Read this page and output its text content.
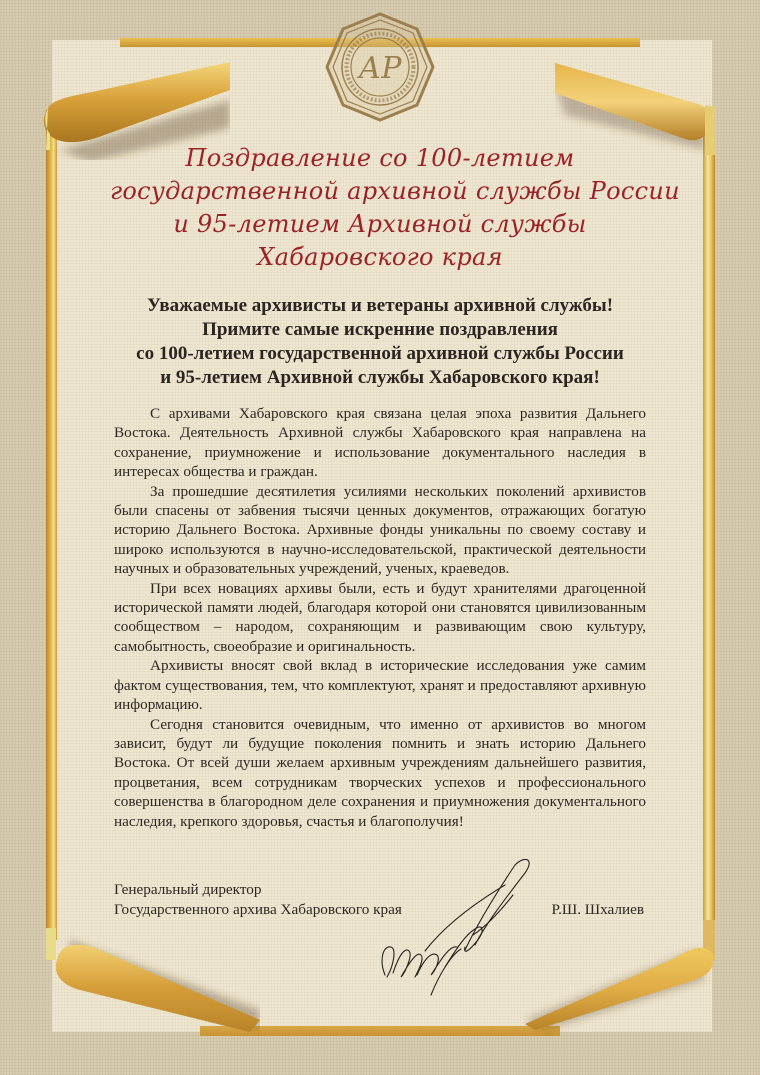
АР
Поздравление со 100-летием
государственной архивной службы России
и 95-летием Архивной службы
Хабаровского края
Уважаемые архивисты и ветераны архивной службы!
Примите самые искренние поздравления
со 100-летием государственной архивной службы России
и 95-летием Архивной службы Хабаровского края!

С архивами Хабаровского края связана целая эпоха развития Дальнего Востока. Деятельность Архивной службы Хабаровского края направлена на сохранение, приумножение и использование документального наследия в интересах общества и граждан.

За прошедшие десятилетия усилиями нескольких поколений архивистов были спасены от забвения тысячи ценных документов, отражающих богатую историю Дальнего Востока. Архивные фонды уникальны по своему составу и широко используются в научно-исследовательской, практической деятельности научных и образовательных учреждений, ученых, краеведов.

При всех новациях архивы были, есть и будут хранителями драгоценной исторической памяти людей, благодаря которой они становятся цивилизованным сообществом – народом, сохраняющим и развивающим свою культуру, самобытность, своеобразие и оригинальность.

Архивисты вносят свой вклад в исторические исследования уже самим фактом существования, тем, что комплектуют, хранят и предоставляют архивную информацию.

Сегодня становится очевидным, что именно от архивистов во многом зависит, будут ли будущие поколения помнить и знать историю Дальнего Востока. От всей души желаем архивным учреждениям дальнейшего развития, процветания, всем сотрудникам творческих успехов и профессионального совершенства в благородном деле сохранения и приумножения документального наследия, крепкого здоровья, счастья и благополучия!

Генеральный директор
Государственного архива Хабаровского края	Р.Ш. Шхалиев
